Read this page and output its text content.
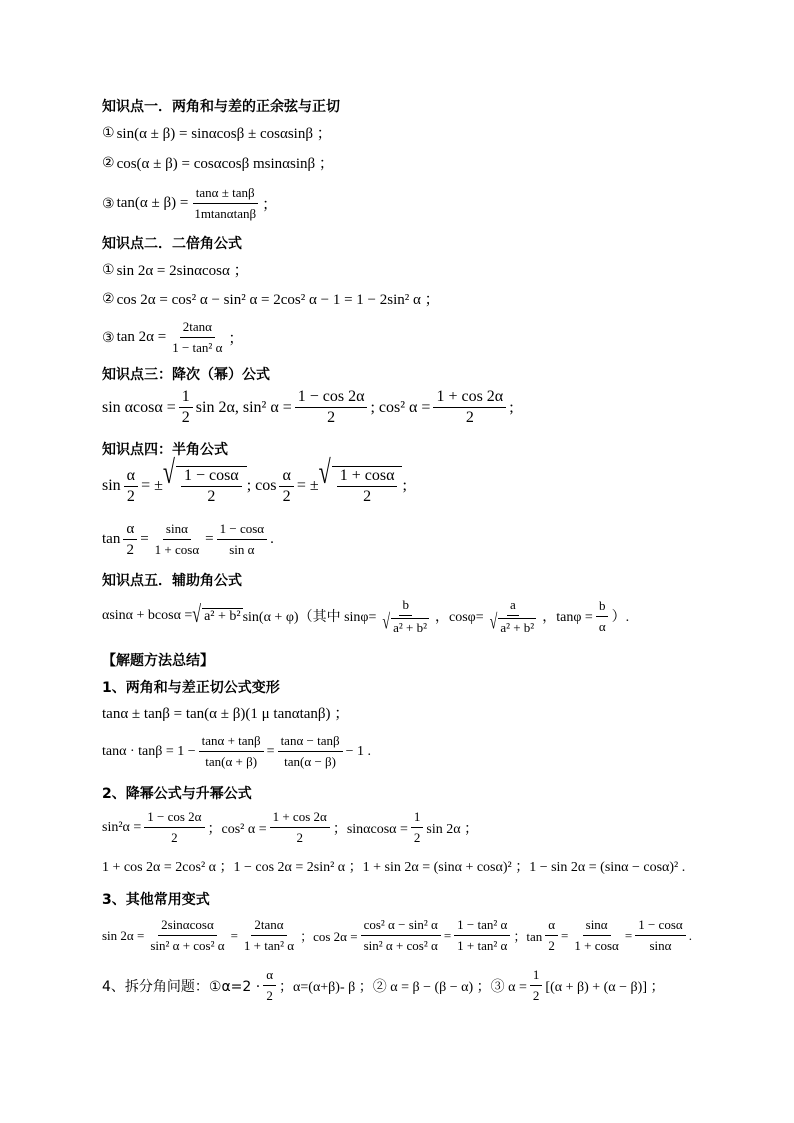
知识点一．两角和与差的正余弦与正切
① sin(α ± β) = sinαcosβ ± cosαsinβ ；
② cos(α ± β) = cosαcosβ msinαsinβ ；
③ $\tan(\alpha \pm \beta) = \frac{\tan\alpha \pm \tan\beta}{1mtan\alpha\tan\beta}$ ；
知识点二．二倍角公式
① sin 2α = 2sinαcosα ；
② cos 2α = cos² α − sin² α = 2cos² α − 1 = 1 − 2sin² α ；
③ $\tan 2\alpha = \frac{2\tan\alpha}{\text{1 − tan² α}}$ ；
知识点三：降次（幂）公式
$\sin \alpha\cos\alpha = \frac{1}{2}$ sin 2α, sin² $\alpha = \frac{1 - \cos 2\alpha}{2}$ ; cos² $\alpha = \frac{1 + \cos 2\alpha}{2}$ ;
知识点四：半角公式
$\sin \frac{\alpha}{2}$ = ± √ $\frac{1 - \cos\alpha}{2}$ ; $\cos \frac{\alpha}{2}$ = ± √ $\frac{1 + \cos\alpha}{2}$ ;
$\tan \frac{\alpha}{2} = \frac{\sin\alpha}{1 + \cos\alpha} = \frac{1 - \cos\alpha}{\text{sin α}}$ .
知识点五．辅助角公式
αsinα + bcosα = √ a² + b² sin(α + φ)（其中 $\sin\varphi= \frac{b}{\text{√ a² + b²}}$ ，$\cos\varphi= \frac{a}{\text{√ a² + b²}}$ ，$\tan\varphi = \frac{b}{\alpha}$ ）.
【解题方法总结】
1、两角和与差正切公式变形
tanα ± tanβ = tan(α ± β)(1 μ tanαtanβ) ；
$\tan\alpha \cdot \tan\beta = 1 - \frac{\tan\alpha + \tan\beta}{\tan(\alpha + \beta)} = \frac{\tan\alpha - \tan\beta}{\tan(\alpha - \beta)} - 1$ .
2、降幂公式与升幂公式
$\sin^2\alpha = \frac{1 - \cos 2\alpha}{2}$ ；cos² $\alpha = \frac{1 + \cos 2\alpha}{2}$ ；$\sin\alpha\cos\alpha = \frac{1}{2}$ sin 2α ；
1 + cos 2α = 2cos² α ；1 − cos 2α = 2sin² α ；1 + sin 2α = (sinα + cosα)² ；1 − sin 2α = (sinα − cosα)² .
3、其他常用变式
$\sin 2\alpha = \frac{2\sin\alpha\cos\alpha}{\text{sin² α + cos² α}} = \frac{2\tan\alpha}{\text{1 + tan² α}}$ ；$\cos 2\alpha = \frac{\text{cos² α − sin² α}}{\text{sin² α + cos² α}} = \frac{\text{1 − tan² α}}{\text{1 + tan² α}}$ ；$\tan \frac{\alpha}{2} = \frac{\sin\alpha}{1 + \cos\alpha} = \frac{1 - \cos\alpha}{\sin\alpha}$ .
4、拆分角问题：①α=2 · $\frac{\alpha}{2}$ ；α=(α+β)- β ；② α = β − (β − α) ；③ $\alpha = \frac{1}{2} [(\alpha + \beta) + (\alpha - \beta)]$ ；
